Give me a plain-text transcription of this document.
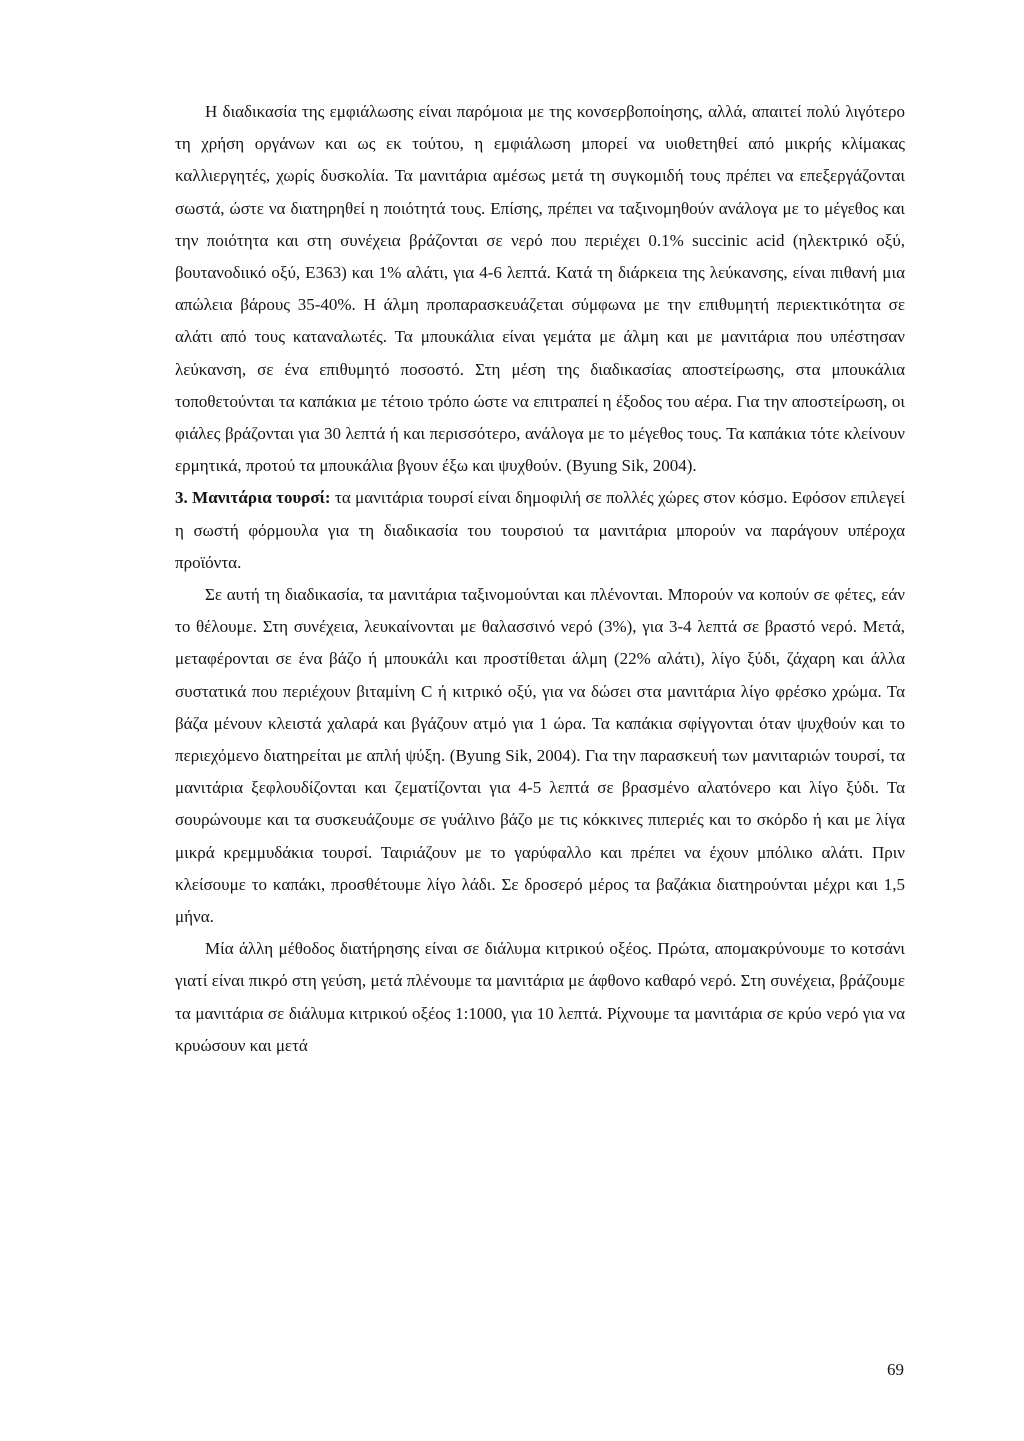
Η διαδικασία της εμφιάλωσης είναι παρόμοια με της κονσερβοποίησης, αλλά, απαιτεί πολύ λιγότερο τη χρήση οργάνων και ως εκ τούτου, η εμφιάλωση μπορεί να υιοθετηθεί από μικρής κλίμακας καλλιεργητές, χωρίς δυσκολία. Τα μανιτάρια αμέσως μετά τη συγκομιδή τους πρέπει να επεξεργάζονται σωστά, ώστε να διατηρηθεί η ποιότητά τους. Επίσης, πρέπει να ταξινομηθούν ανάλογα με το μέγεθος και την ποιότητα και στη συνέχεια βράζονται σε νερό που περιέχει 0.1% succinic acid (ηλεκτρικό οξύ, βουτανοδιικό οξύ, E363) και 1% αλάτι, για 4-6 λεπτά. Κατά τη διάρκεια της λεύκανσης, είναι πιθανή μια απώλεια βάρους 35-40%. Η άλμη προπαρασκευάζεται σύμφωνα με την επιθυμητή περιεκτικότητα σε αλάτι από τους καταναλωτές. Τα μπουκάλια είναι γεμάτα με άλμη και με μανιτάρια που υπέστησαν λεύκανση, σε ένα επιθυμητό ποσοστό. Στη μέση της διαδικασίας αποστείρωσης, στα μπουκάλια τοποθετούνται τα καπάκια με τέτοιο τρόπο ώστε να επιτραπεί η έξοδος του αέρα. Για την αποστείρωση, οι φιάλες βράζονται για 30 λεπτά ή και περισσότερο, ανάλογα με το μέγεθος τους. Τα καπάκια τότε κλείνουν ερμητικά, προτού τα μπουκάλια βγουν έξω και ψυχθούν. (Byung Sik, 2004).

3. Μανιτάρια τουρσί: τα μανιτάρια τουρσί είναι δημοφιλή σε πολλές χώρες στον κόσμο. Εφόσον επιλεγεί η σωστή φόρμουλα για τη διαδικασία του τουρσιού τα μανιτάρια μπορούν να παράγουν υπέροχα προϊόντα.

Σε αυτή τη διαδικασία, τα μανιτάρια ταξινομούνται και πλένονται. Μπορούν να κοπούν σε φέτες, εάν το θέλουμε. Στη συνέχεια, λευκαίνονται με θαλασσινό νερό (3%), για 3-4 λεπτά σε βραστό νερό. Μετά, μεταφέρονται σε ένα βάζο ή μπουκάλι και προστίθεται άλμη (22% αλάτι), λίγο ξύδι, ζάχαρη και άλλα συστατικά που περιέχουν βιταμίνη C ή κιτρικό οξύ, για να δώσει στα μανιτάρια λίγο φρέσκο χρώμα. Τα βάζα μένουν κλειστά χαλαρά και βγάζουν ατμό για 1 ώρα. Τα καπάκια σφίγγονται όταν ψυχθούν και το περιεχόμενο διατηρείται με απλή ψύξη. (Byung Sik, 2004). Για την παρασκευή των μανιταριών τουρσί, τα μανιτάρια ξεφλουδίζονται και ζεματίζονται για 4-5 λεπτά σε βρασμένο αλατόνερο και λίγο ξύδι. Τα σουρώνουμε και τα συσκευάζουμε σε γυάλινο βάζο με τις κόκκινες πιπεριές και το σκόρδο ή και με λίγα μικρά κρεμμυδάκια τουρσί. Ταιριάζουν με το γαρύφαλλο και πρέπει να έχουν μπόλικο αλάτι. Πριν κλείσουμε το καπάκι, προσθέτουμε λίγο λάδι. Σε δροσερό μέρος τα βαζάκια διατηρούνται μέχρι και 1,5 μήνα.

Μία άλλη μέθοδος διατήρησης είναι σε διάλυμα κιτρικού οξέος. Πρώτα, απομακρύνουμε το κοτσάνι γιατί είναι πικρό στη γεύση, μετά πλένουμε τα μανιτάρια με άφθονο καθαρό νερό. Στη συνέχεια, βράζουμε τα μανιτάρια σε διάλυμα κιτρικού οξέος 1:1000, για 10 λεπτά. Ρίχνουμε τα μανιτάρια σε κρύο νερό για να κρυώσουν και μετά

69
